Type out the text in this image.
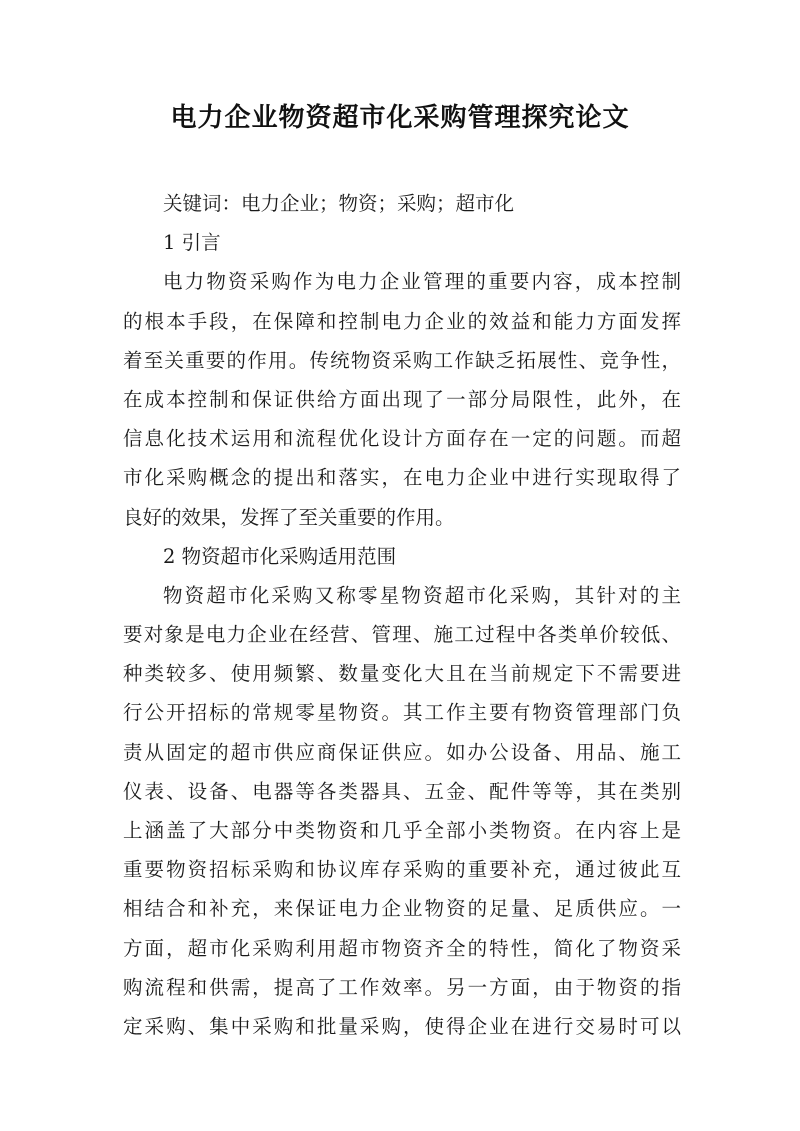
电力企业物资超市化采购管理探究论文
关键词：电力企业；物资；采购；超市化
1 引言
电力物资采购作为电力企业管理的重要内容，成本控制
的根本手段，在保障和控制电力企业的效益和能力方面发挥
着至关重要的作用。传统物资采购工作缺乏拓展性、竞争性，
在成本控制和保证供给方面出现了一部分局限性，此外，在
信息化技术运用和流程优化设计方面存在一定的问题。而超
市化采购概念的提出和落实，在电力企业中进行实现取得了
良好的效果，发挥了至关重要的作用。
2 物资超市化采购适用范围
物资超市化采购又称零星物资超市化采购，其针对的主
要对象是电力企业在经营、管理、施工过程中各类单价较低、
种类较多、使用频繁、数量变化大且在当前规定下不需要进
行公开招标的常规零星物资。其工作主要有物资管理部门负
责从固定的超市供应商保证供应。如办公设备、用品、施工
仪表、设备、电器等各类器具、五金、配件等等，其在类别
上涵盖了大部分中类物资和几乎全部小类物资。在内容上是
重要物资招标采购和协议库存采购的重要补充，通过彼此互
相结合和补充，来保证电力企业物资的足量、足质供应。一
方面，超市化采购利用超市物资齐全的特性，简化了物资采
购流程和供需，提高了工作效率。另一方面，由于物资的指
定采购、集中采购和批量采购，使得企业在进行交易时可以
